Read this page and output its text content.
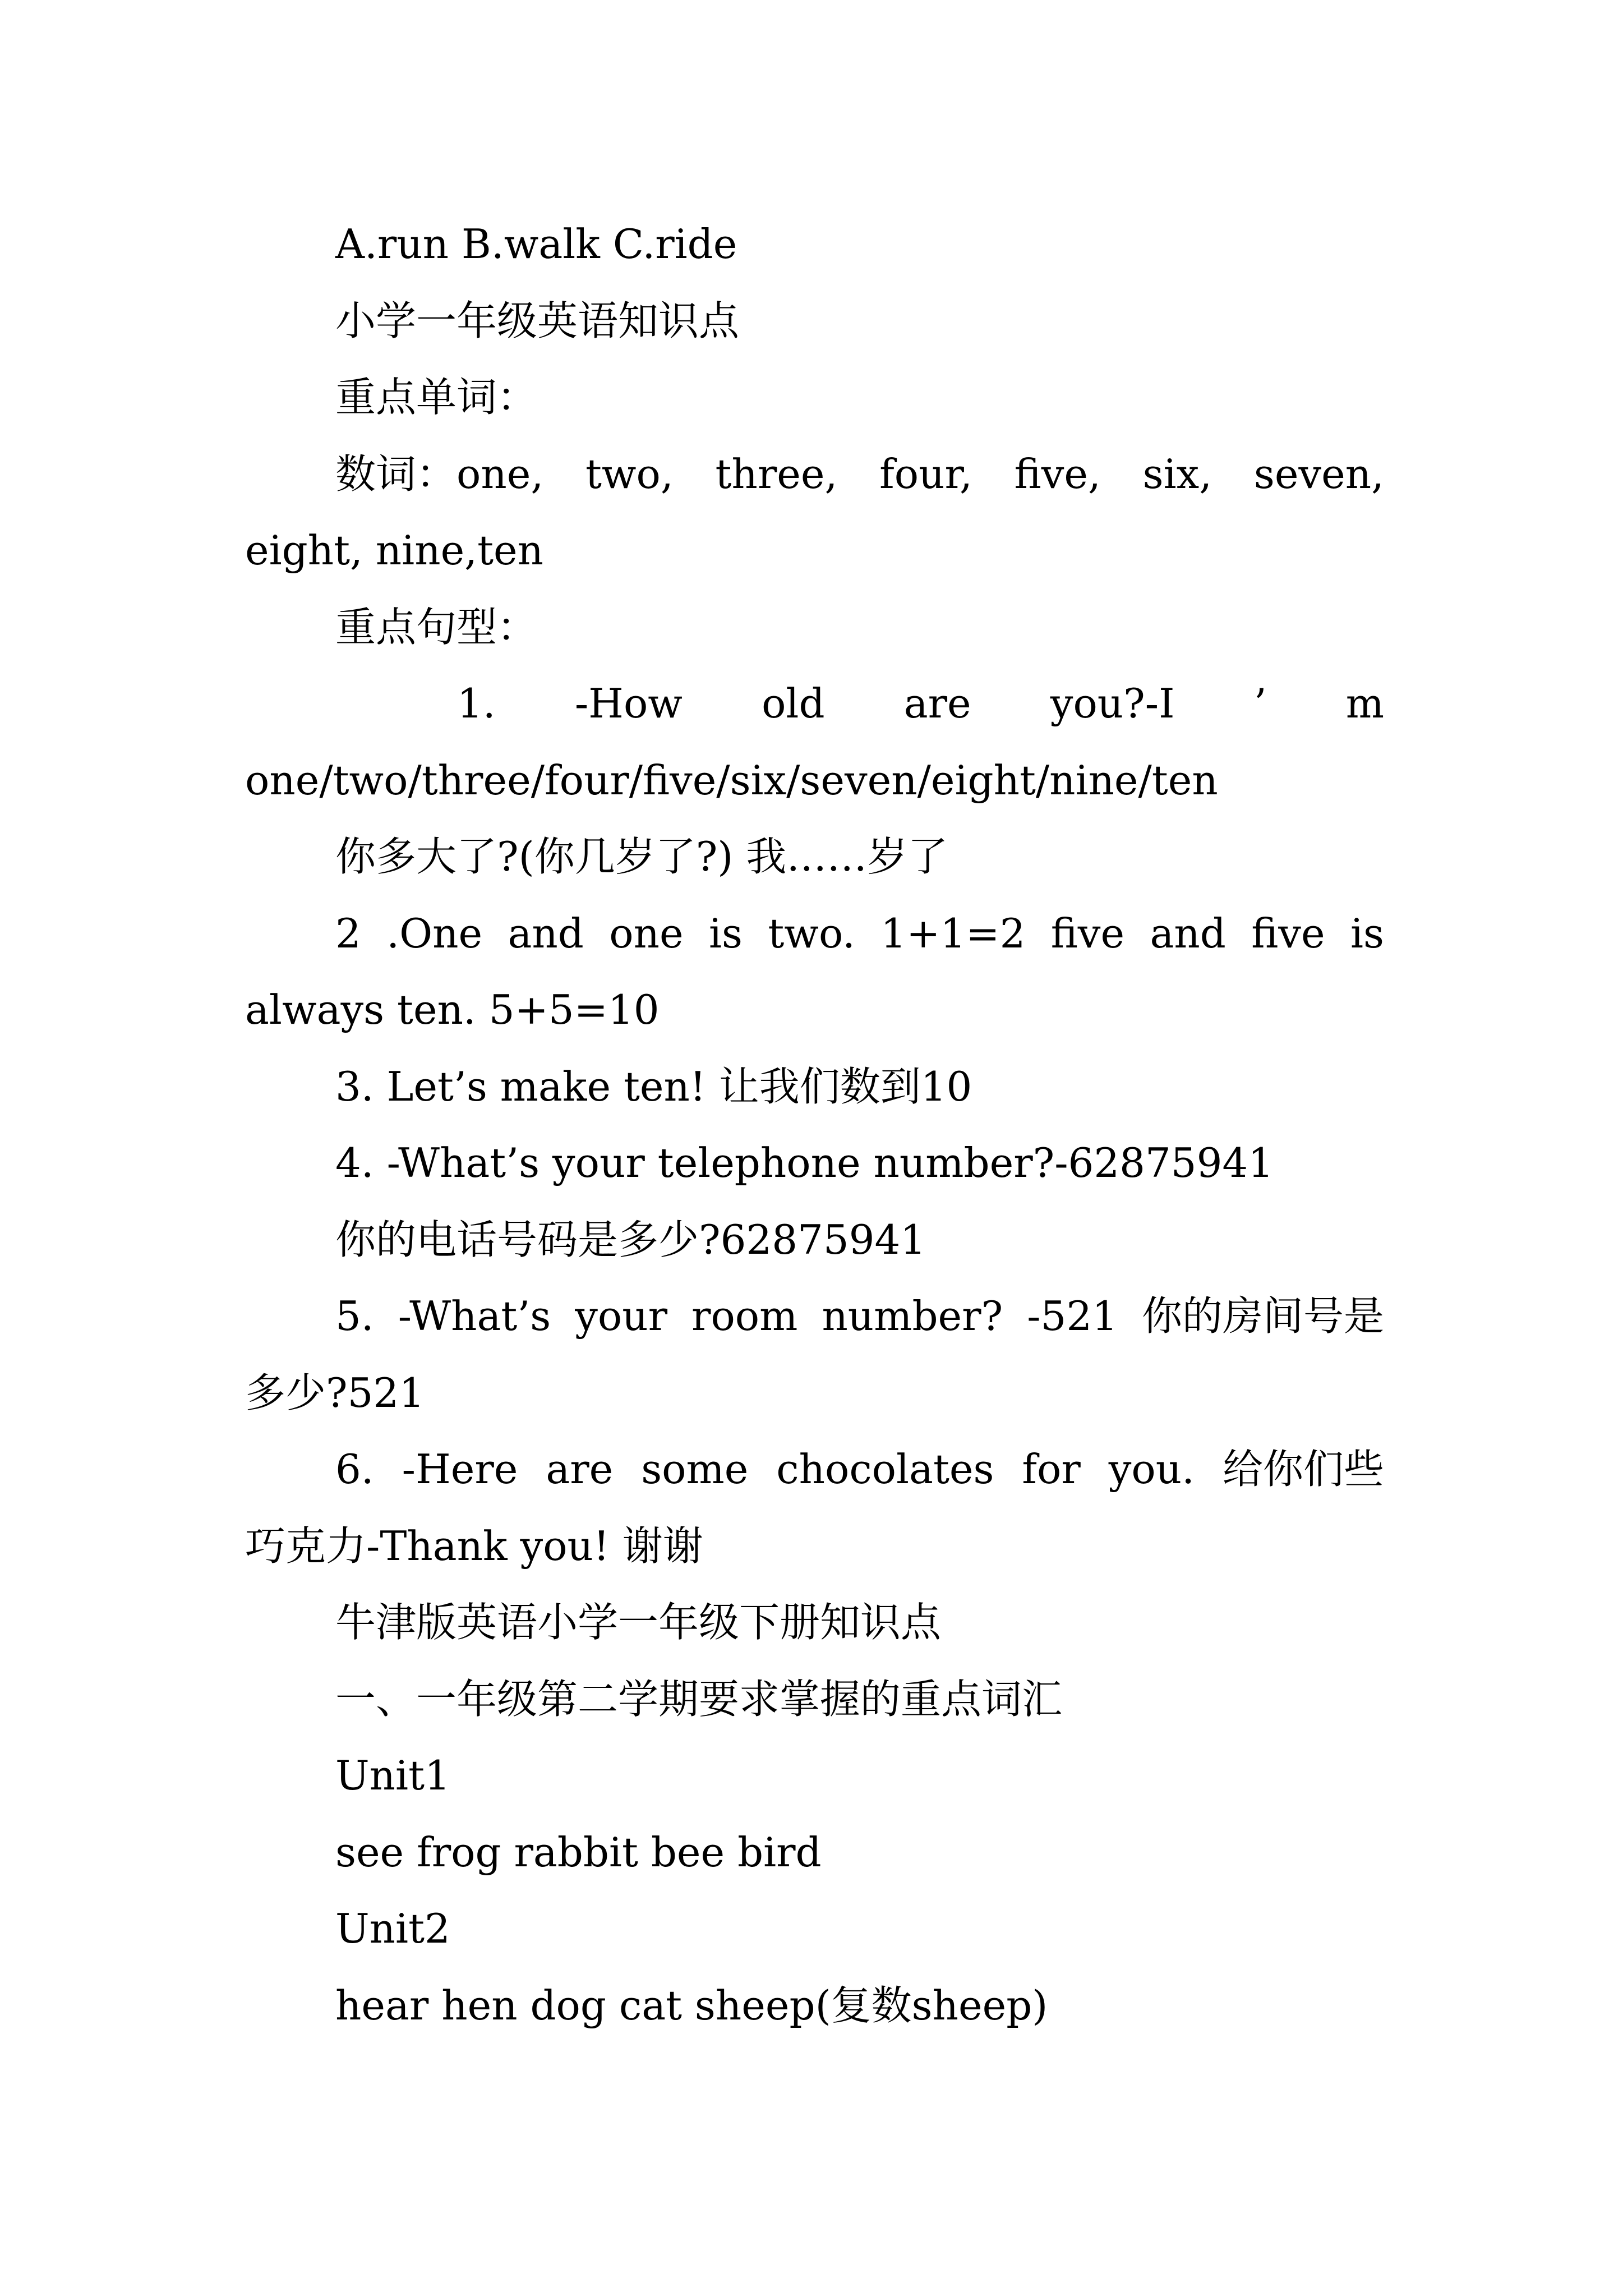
A.run B.walk C.ride
小学一年级英语知识点
重点单词：
数词：one, two, three, four, five, six, seven,
eight, nine,ten
重点句型：
1. -How old are you?-I ’ m
one/two/three/four/five/six/seven/eight/nine/ten
你多大了?(你几岁了?) 我……岁了
2 .One and one is two. 1+1=2 five and five is
always ten. 5+5=10
3. Let’s make ten! 让我们数到10
4. -What’s your telephone number?-62875941
你的电话号码是多少?62875941
5. -What’s your room number? -521 你的房间号是
多少?521
6. -Here are some chocolates for you. 给你们些
巧克力-Thank you! 谢谢
牛津版英语小学一年级下册知识点
一、一年级第二学期要求掌握的重点词汇
Unit1
see frog rabbit bee bird
Unit2
hear hen dog cat sheep(复数sheep)
